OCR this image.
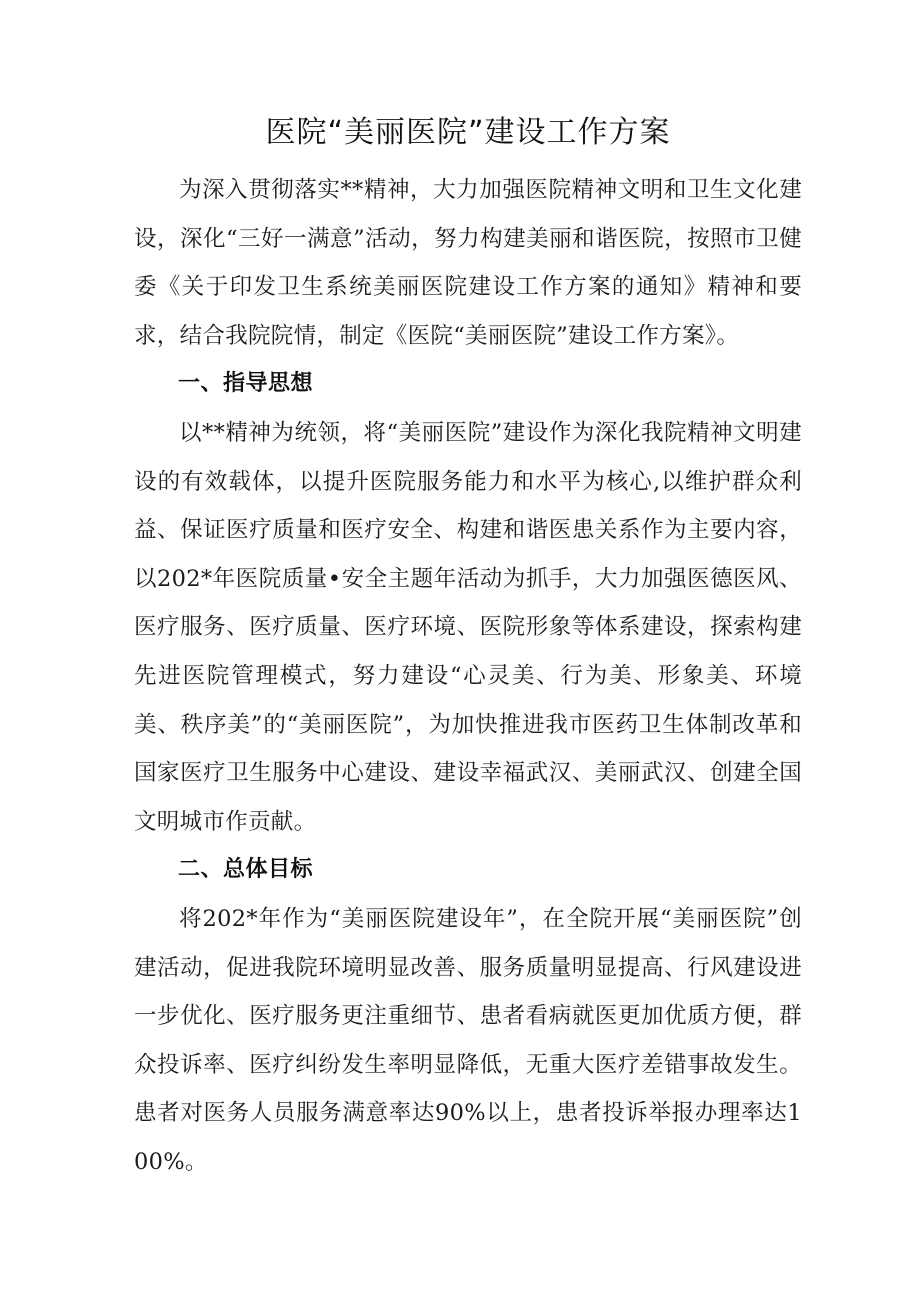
医院“美丽医院”建设工作方案

为深入贯彻落实**精神，大力加强医院精神文明和卫生文化建设，深化“三好一满意”活动，努力构建美丽和谐医院，按照市卫健委《关于印发卫生系统美丽医院建设工作方案的通知》精神和要求，结合我院院情，制定《医院“美丽医院”建设工作方案》。

一、指导思想

以**精神为统领，将“美丽医院”建设作为深化我院精神文明建设的有效载体，以提升医院服务能力和水平为核心,以维护群众利益、保证医疗质量和医疗安全、构建和谐医患关系作为主要内容，以202*年医院质量•安全主题年活动为抓手，大力加强医德医风、医疗服务、医疗质量、医疗环境、医院形象等体系建设，探索构建先进医院管理模式，努力建设“心灵美、行为美、形象美、环境美、秩序美”的“美丽医院”，为加快推进我市医药卫生体制改革和国家医疗卫生服务中心建设、建设幸福武汉、美丽武汉、创建全国文明城市作贡献。

二、总体目标

将202*年作为“美丽医院建设年”，在全院开展“美丽医院”创建活动，促进我院环境明显改善、服务质量明显提高、行风建设进一步优化、医疗服务更注重细节、患者看病就医更加优质方便，群众投诉率、医疗纠纷发生率明显降低，无重大医疗差错事故发生。患者对医务人员服务满意率达90%以上，患者投诉举报办理率达100%。
